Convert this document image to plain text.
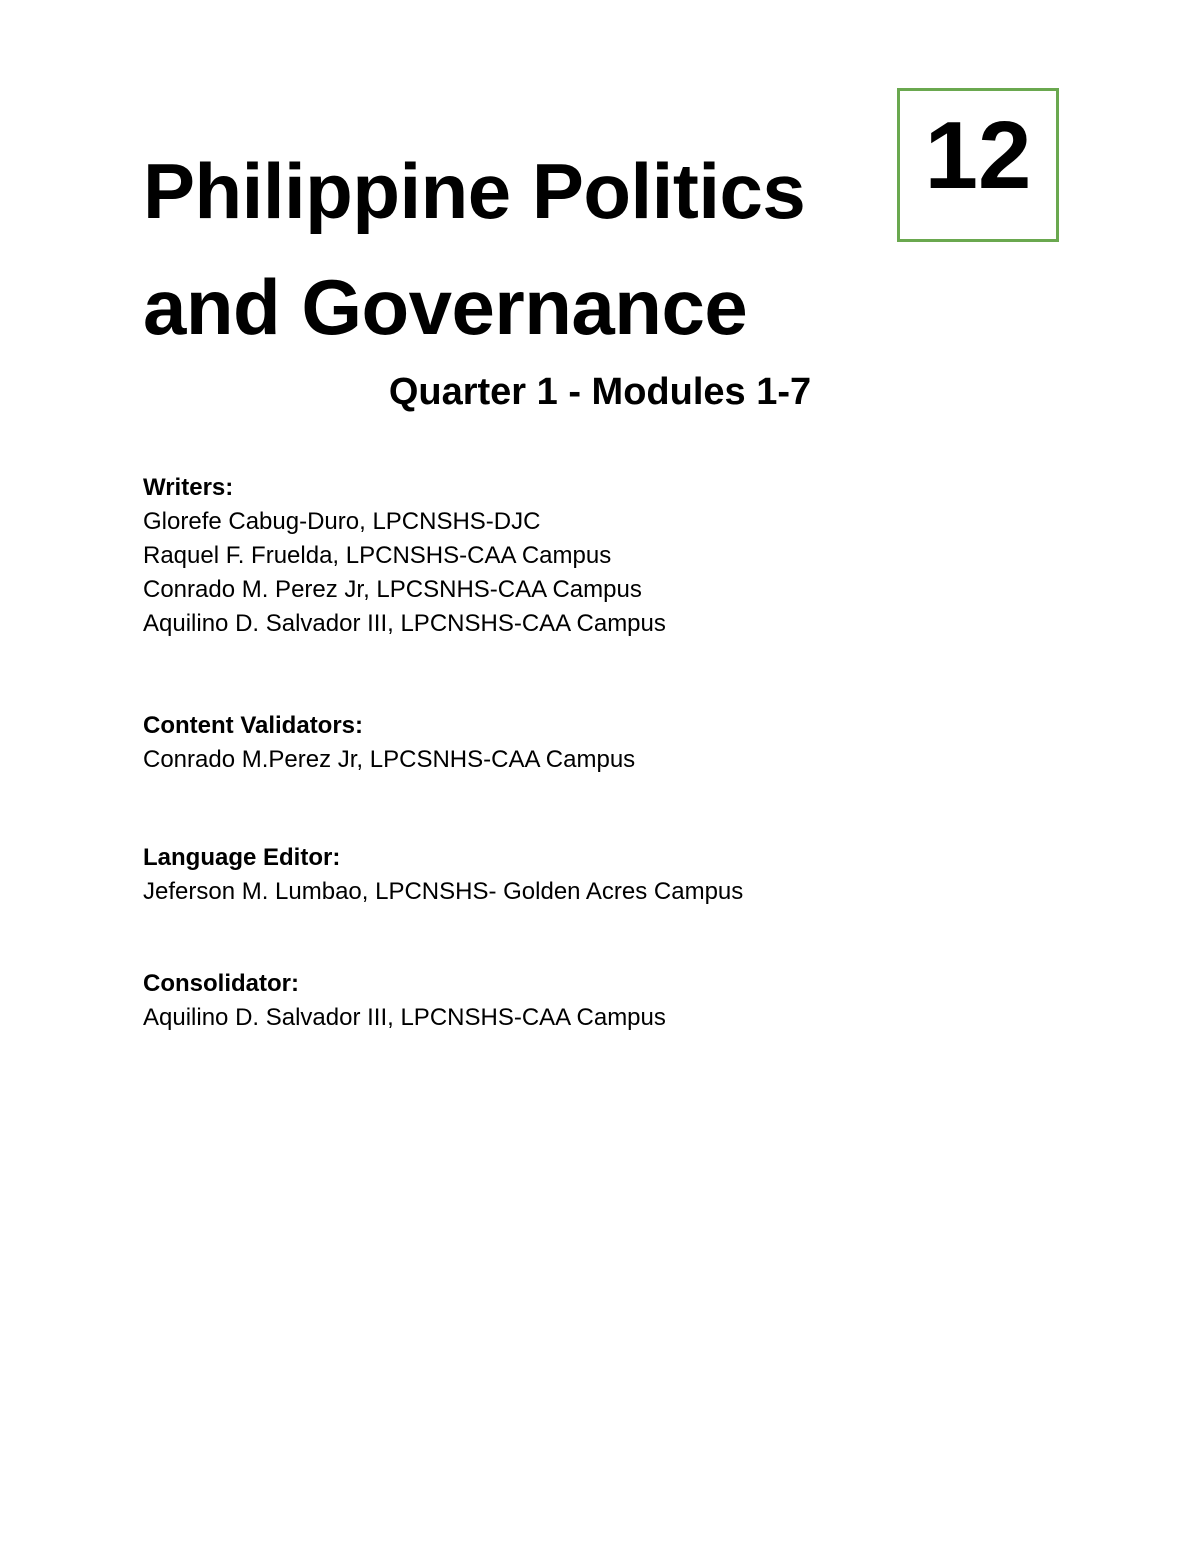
Philippine Politics
and Governance
12
Quarter 1 - Modules 1-7
Writers:
Glorefe Cabug-Duro, LPCNSHS-DJC
Raquel F. Fruelda, LPCNSHS-CAA Campus
Conrado M. Perez Jr, LPCSNHS-CAA Campus
Aquilino D. Salvador III, LPCNSHS-CAA Campus
Content Validators:
Conrado M.Perez Jr, LPCSNHS-CAA Campus
Language Editor:
Jeferson M. Lumbao, LPCNSHS- Golden Acres Campus
Consolidator:
Aquilino D. Salvador III, LPCNSHS-CAA Campus
